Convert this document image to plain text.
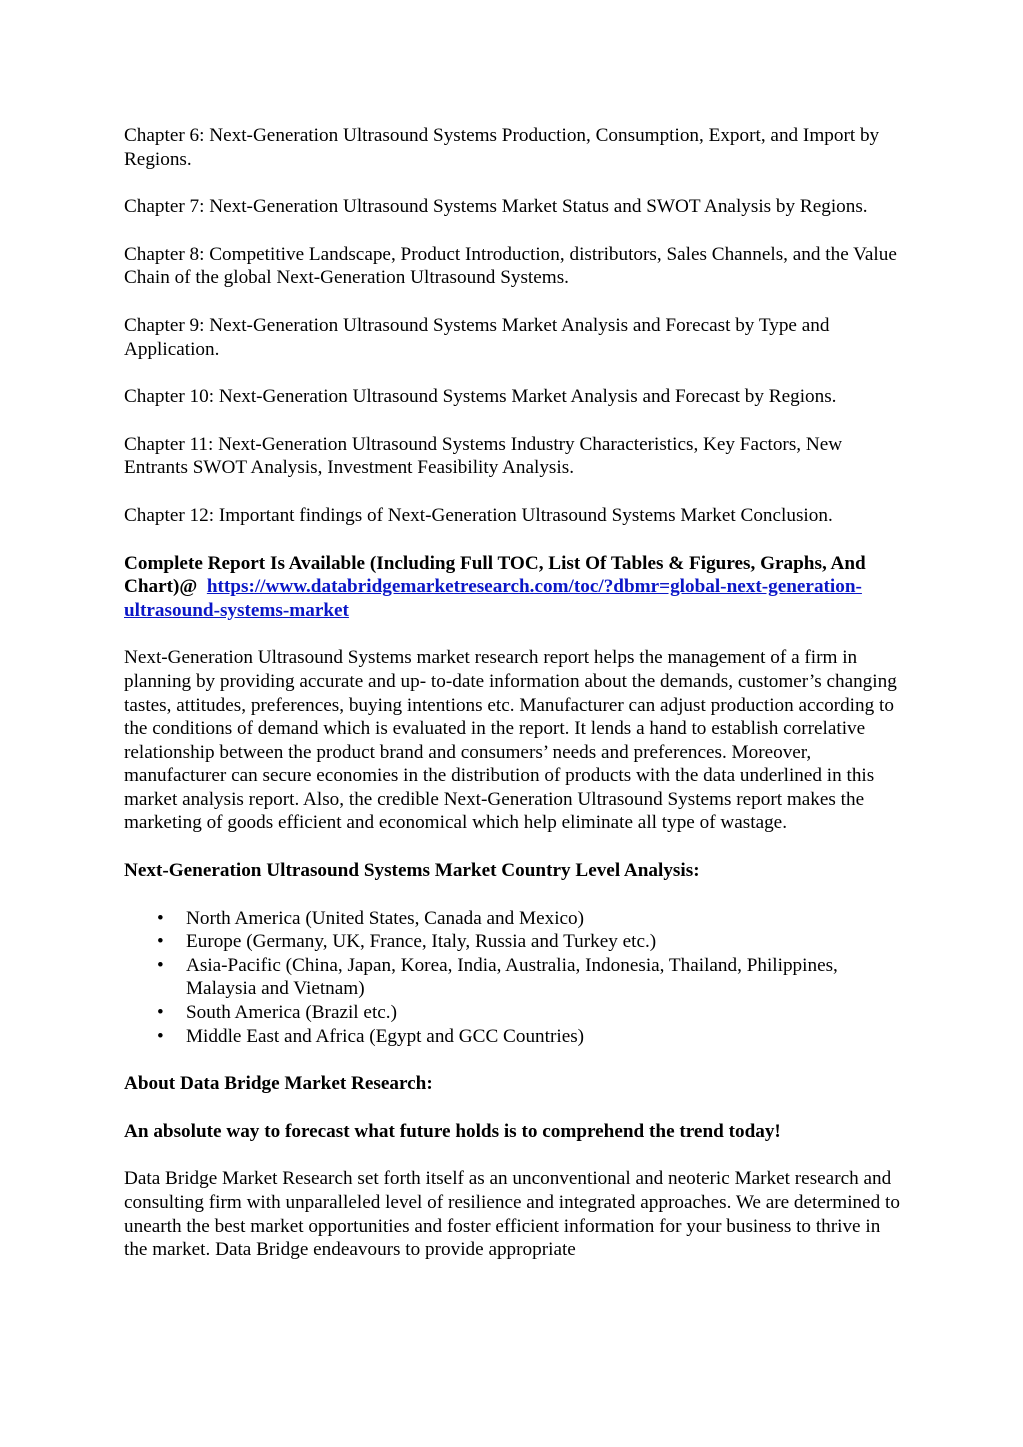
Chapter 6: Next-Generation Ultrasound Systems Production, Consumption, Export, and Import by Regions.

Chapter 7: Next-Generation Ultrasound Systems Market Status and SWOT Analysis by Regions.

Chapter 8: Competitive Landscape, Product Introduction, distributors, Sales Channels, and the Value Chain of the global Next-Generation Ultrasound Systems.

Chapter 9: Next-Generation Ultrasound Systems Market Analysis and Forecast by Type and Application.

Chapter 10: Next-Generation Ultrasound Systems Market Analysis and Forecast by Regions.

Chapter 11: Next-Generation Ultrasound Systems Industry Characteristics, Key Factors, New Entrants SWOT Analysis, Investment Feasibility Analysis.

Chapter 12: Important findings of Next-Generation Ultrasound Systems Market Conclusion.

Complete Report Is Available (Including Full TOC, List Of Tables & Figures, Graphs, And Chart)@ https://www.databridgemarketresearch.com/toc/?dbmr=global-next-generation-ultrasound-systems-market

Next-Generation Ultrasound Systems market research report helps the management of a firm in planning by providing accurate and up- to-date information about the demands, customer’s changing tastes, attitudes, preferences, buying intentions etc. Manufacturer can adjust production according to the conditions of demand which is evaluated in the report. It lends a hand to establish correlative relationship between the product brand and consumers’ needs and preferences. Moreover, manufacturer can secure economies in the distribution of products with the data underlined in this market analysis report. Also, the credible Next-Generation Ultrasound Systems report makes the marketing of goods efficient and economical which help eliminate all type of wastage.

Next-Generation Ultrasound Systems Market Country Level Analysis:

• North America (United States, Canada and Mexico)
• Europe (Germany, UK, France, Italy, Russia and Turkey etc.)
• Asia-Pacific (China, Japan, Korea, India, Australia, Indonesia, Thailand, Philippines, Malaysia and Vietnam)
• South America (Brazil etc.)
• Middle East and Africa (Egypt and GCC Countries)

About Data Bridge Market Research:

An absolute way to forecast what future holds is to comprehend the trend today!

Data Bridge Market Research set forth itself as an unconventional and neoteric Market research and consulting firm with unparalleled level of resilience and integrated approaches. We are determined to unearth the best market opportunities and foster efficient information for your business to thrive in the market. Data Bridge endeavours to provide appropriate
